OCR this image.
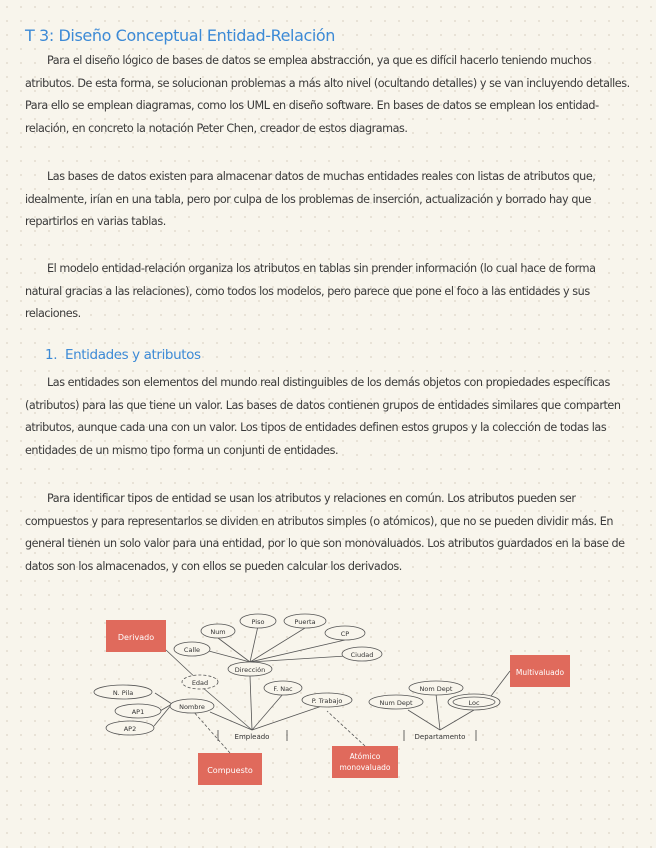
T 3: Diseño Conceptual Entidad-Relación

Para el diseño lógico de bases de datos se emplea abstracción, ya que es difícil hacerlo teniendo muchos atributos. De esta forma, se solucionan problemas a más alto nivel (ocultando detalles) y se van incluyendo detalles. Para ello se emplean diagramas, como los UML en diseño software. En bases de datos se emplean los entidad-relación, en concreto la notación Peter Chen, creador de estos diagramas.

Las bases de datos existen para almacenar datos de muchas entidades reales con listas de atributos que, idealmente, irían en una tabla, pero por culpa de los problemas de inserción, actualización y borrado hay que repartirlos en varias tablas.

El modelo entidad-relación organiza los atributos en tablas sin prender información (lo cual hace de forma natural gracias a las relaciones), como todos los modelos, pero parece que pone el foco a las entidades y sus relaciones.

1. Entidades y atributos

Las entidades son elementos del mundo real distinguibles de los demás objetos con propiedades específicas (atributos) para las que tiene un valor. Las bases de datos contienen grupos de entidades similares que comparten atributos, aunque cada una con un valor. Los tipos de entidades definen estos grupos y la colección de todas las entidades de un mismo tipo forma un conjunti de entidades.

Para identificar tipos de entidad se usan los atributos y relaciones en común. Los atributos pueden ser compuestos y para representarlos se dividen en atributos simples (o atómicos), que no se pueden dividir más. En general tienen un solo valor para una entidad, por lo que son monovaluados. Los atributos guardados en la base de datos son los almacenados, y con ellos se pueden calcular los derivados.

Derivado
Compuesto
Atómico
monovaluado
Multivaluado
Num
Piso	Puerta
CP
Ciudad
Calle
Dirección
Edad
F. Nac
P. Trabajo
N. Pila
AP1
AP2
Nombre
Nom Dept
Num Dept	Loc
Empleado	Departamento
